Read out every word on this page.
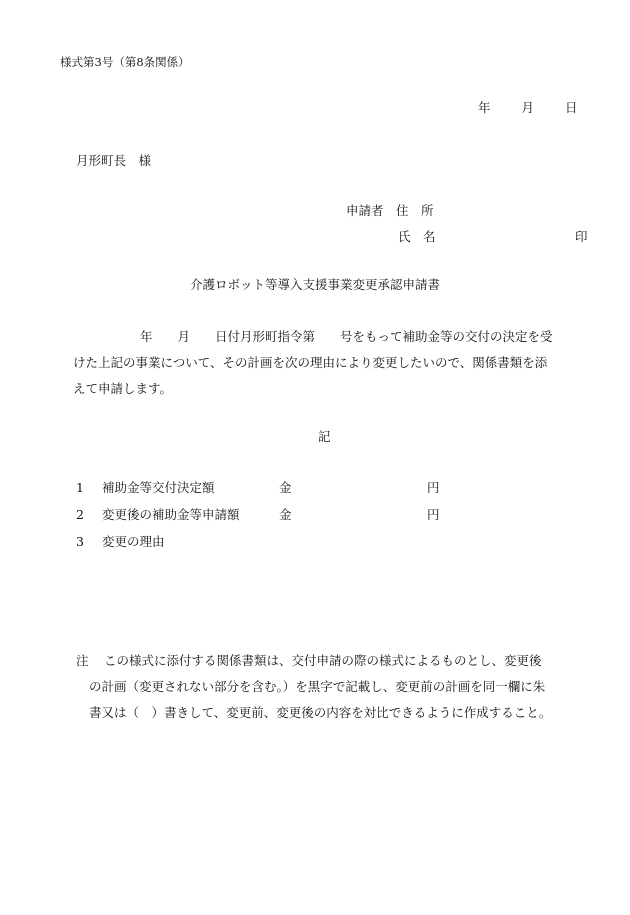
様式第3号（第8条関係）
年 月 日
月形町長　様
申請者　住　所
氏　名	印
介護ロボット等導入支援事業変更承認申請書
年　　月　　日付月形町指令第　　号をもって補助金等の交付の決定を受
けた上記の事業について、その計画を次の理由により変更したいので、関係書類を添
えて申請します。
記
1 補助金等交付決定額	金	円
2 変更後の補助金等申請額	金	円
3 変更の理由
注 この様式に添付する関係書類は、交付申請の際の様式によるものとし、変更後
の計画（変更されない部分を含む。）を黒字で記載し、変更前の計画を同一欄に朱
書又は（　）書きして、変更前、変更後の内容を対比できるように作成すること。
